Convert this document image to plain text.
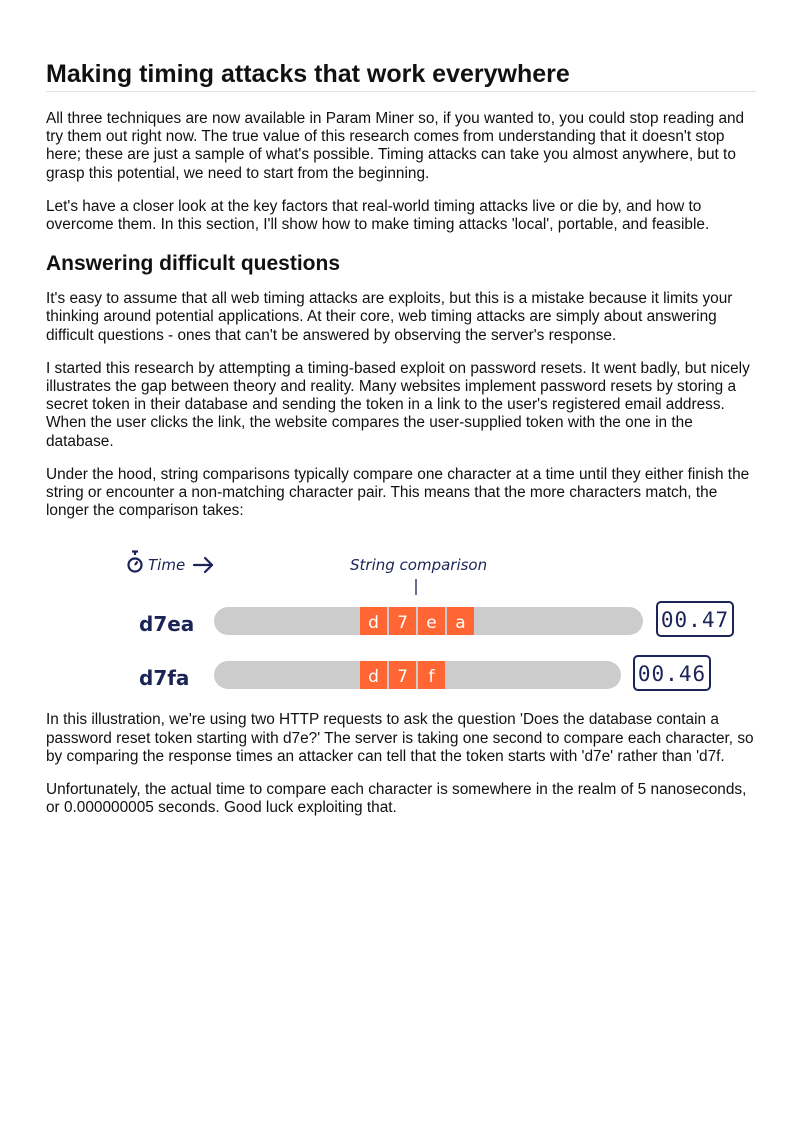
Making timing attacks that work everywhere

All three techniques are now available in Param Miner so, if you wanted to, you could stop reading and try them out right now. The true value of this research comes from understanding that it doesn't stop here; these are just a sample of what's possible. Timing attacks can take you almost anywhere, but to grasp this potential, we need to start from the beginning.

Let's have a closer look at the key factors that real-world timing attacks live or die by, and how to overcome them. In this section, I'll show how to make timing attacks 'local', portable, and feasible.

Answering difficult questions

It's easy to assume that all web timing attacks are exploits, but this is a mistake because it limits your thinking around potential applications. At their core, web timing attacks are simply about answering difficult questions - ones that can't be answered by observing the server's response.

I started this research by attempting a timing-based exploit on password resets. It went badly, but nicely illustrates the gap between theory and reality. Many websites implement password resets by storing a secret token in their database and sending the token in a link to the user's registered email address. When the user clicks the link, the website compares the user-supplied token with the one in the database.

Under the hood, string comparisons typically compare one character at a time until they either finish the string or encounter a non-matching character pair. This means that the more characters match, the longer the comparison takes:

Time	String comparison
d7ea	d 7 e a	00.47
d7fa	d 7 f	00.46

In this illustration, we're using two HTTP requests to ask the question 'Does the database contain a password reset token starting with d7e?' The server is taking one second to compare each character, so by comparing the response times an attacker can tell that the token starts with 'd7e' rather than 'd7f.

Unfortunately, the actual time to compare each character is somewhere in the realm of 5 nanoseconds, or 0.000000005 seconds. Good luck exploiting that.
